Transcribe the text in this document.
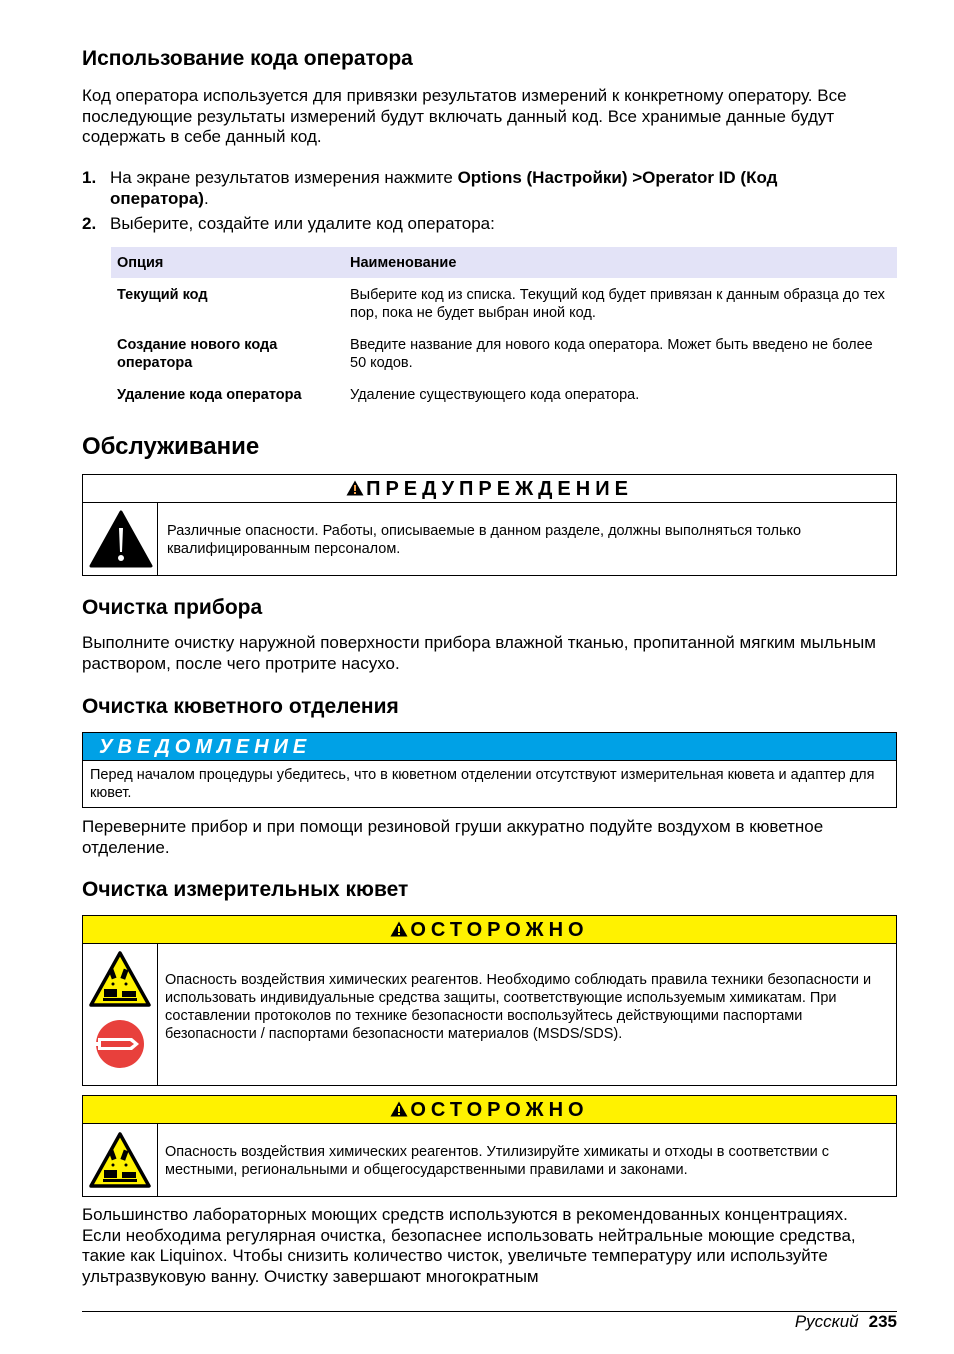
Использование кода оператора

Код оператора используется для привязки результатов измерений к конкретному оператору. Все последующие результаты измерений будут включать данный код. Все хранимые данные будут содержать в себе данный код.

1. На экране результатов измерения нажмите Options (Настройки) >Operator ID (Код оператора).
2. Выберите, создайте или удалите код оператора:
Опция	Наименование
Текущий код	Выберите код из списка. Текущий код будет привязан к данным образца до тех пор, пока не будет выбран иной код.
Создание нового кода оператора	Введите название для нового кода оператора. Может быть введено не более 50 кодов.
Удаление кода оператора	Удаление существующего кода оператора.
Обслуживание
ПРЕДУПРЕЖДЕНИЕ
Различные опасности. Работы, описываемые в данном разделе, должны выполняться только квалифицированным персоналом.
Очистка прибора

Выполните очистку наружной поверхности прибора влажной тканью, пропитанной мягким мыльным раствором, после чего протрите насухо.

Очистка кюветного отделения
УВЕДОМЛЕНИЕ
Перед началом процедуры убедитесь, что в кюветном отделении отсутствуют измерительная кювета и адаптер для кювет.

Переверните прибор и при помощи резиновой груши аккуратно подуйте воздухом в кюветное отделение.

Очистка измерительных кювет
ОСТОРОЖНО
Опасность воздействия химических реагентов. Необходимо соблюдать правила техники безопасности и использовать индивидуальные средства защиты, соответствующие используемым химикатам. При составлении протоколов по технике безопасности воспользуйтесь действующими паспортами безопасности / паспортами безопасности материалов (MSDS/SDS).
ОСТОРОЖНО
Опасность воздействия химических реагентов. Утилизируйте химикаты и отходы в соответствии с местными, региональными и общегосударственными правилами и законами.

Большинство лабораторных моющих средств используются в рекомендованных концентрациях. Если необходима регулярная очистка, безопаснее использовать нейтральные моющие средства, такие как Liquinox. Чтобы снизить количество чисток, увеличьте температуру или используйте ультразвуковую ванну. Очистку завершают многократным

Русский 235
